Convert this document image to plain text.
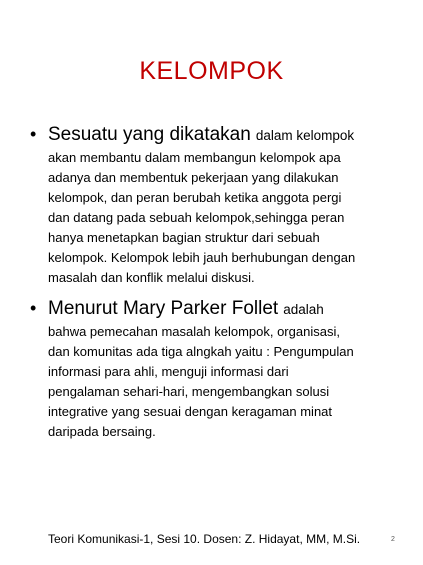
KELOMPOK
• Sesuatu yang dikatakan dalam kelompok
akan membantu dalam membangun kelompok apa
adanya dan membentuk pekerjaan yang dilakukan
kelompok, dan peran berubah ketika anggota pergi
dan datang pada sebuah kelompok,sehingga peran
hanya menetapkan bagian struktur dari sebuah
kelompok. Kelompok lebih jauh berhubungan dengan
masalah dan konflik melalui diskusi.
• Menurut Mary Parker Follet adalah
bahwa pemecahan masalah kelompok, organisasi,
dan komunitas ada tiga alngkah yaitu : Pengumpulan
informasi para ahli, menguji informasi dari
pengalaman sehari-hari, mengembangkan solusi
integrative yang sesuai dengan keragaman minat
daripada bersaing.
Teori Komunikasi-1, Sesi 10. Dosen: Z. Hidayat, MM, M.Si.	2
